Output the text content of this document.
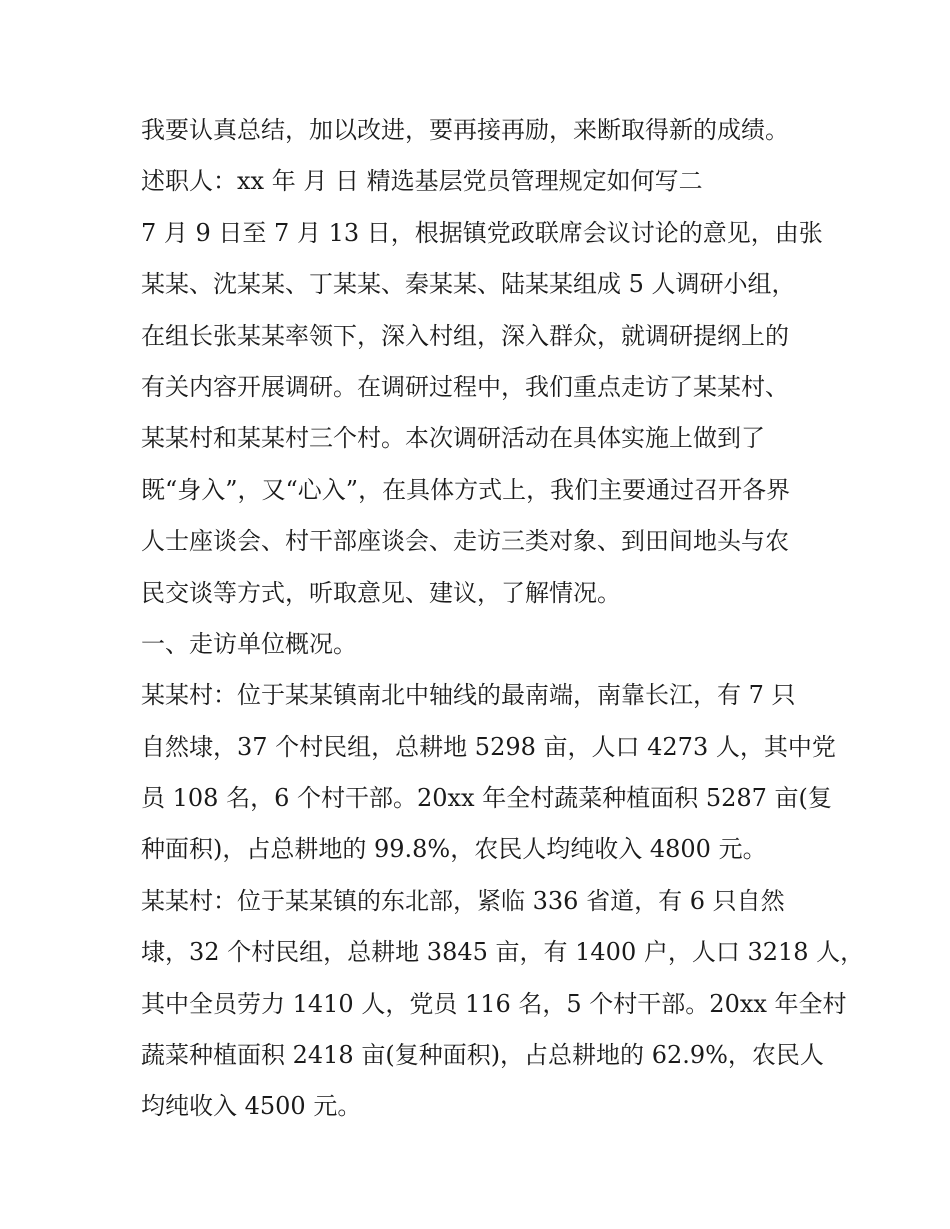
我要认真总结，加以改进，要再接再励，来断取得新的成绩。
述职人：xx 年 月 日 精选基层党员管理规定如何写二
7 月 9 日至 7 月 13 日，根据镇党政联席会议讨论的意见，由张
某某、沈某某、丁某某、秦某某、陆某某组成 5 人调研小组，
在组长张某某率领下，深入村组，深入群众，就调研提纲上的
有关内容开展调研。在调研过程中，我们重点走访了某某村、
某某村和某某村三个村。本次调研活动在具体实施上做到了
既“身入”，又“心入”，在具体方式上，我们主要通过召开各界
人士座谈会、村干部座谈会、走访三类对象、到田间地头与农
民交谈等方式，听取意见、建议，了解情况。
一、走访单位概况。
某某村：位于某某镇南北中轴线的最南端，南靠长江，有 7 只
自然埭，37 个村民组，总耕地 5298 亩，人口 4273 人，其中党
员 108 名，6 个村干部。20xx 年全村蔬菜种植面积 5287 亩(复
种面积)，占总耕地的 99.8%，农民人均纯收入 4800 元。
某某村：位于某某镇的东北部，紧临 336 省道，有 6 只自然
埭，32 个村民组，总耕地 3845 亩，有 1400 户，人口 3218 人，
其中全员劳力 1410 人，党员 116 名，5 个村干部。20xx 年全村
蔬菜种植面积 2418 亩(复种面积)，占总耕地的 62.9%，农民人
均纯收入 4500 元。
